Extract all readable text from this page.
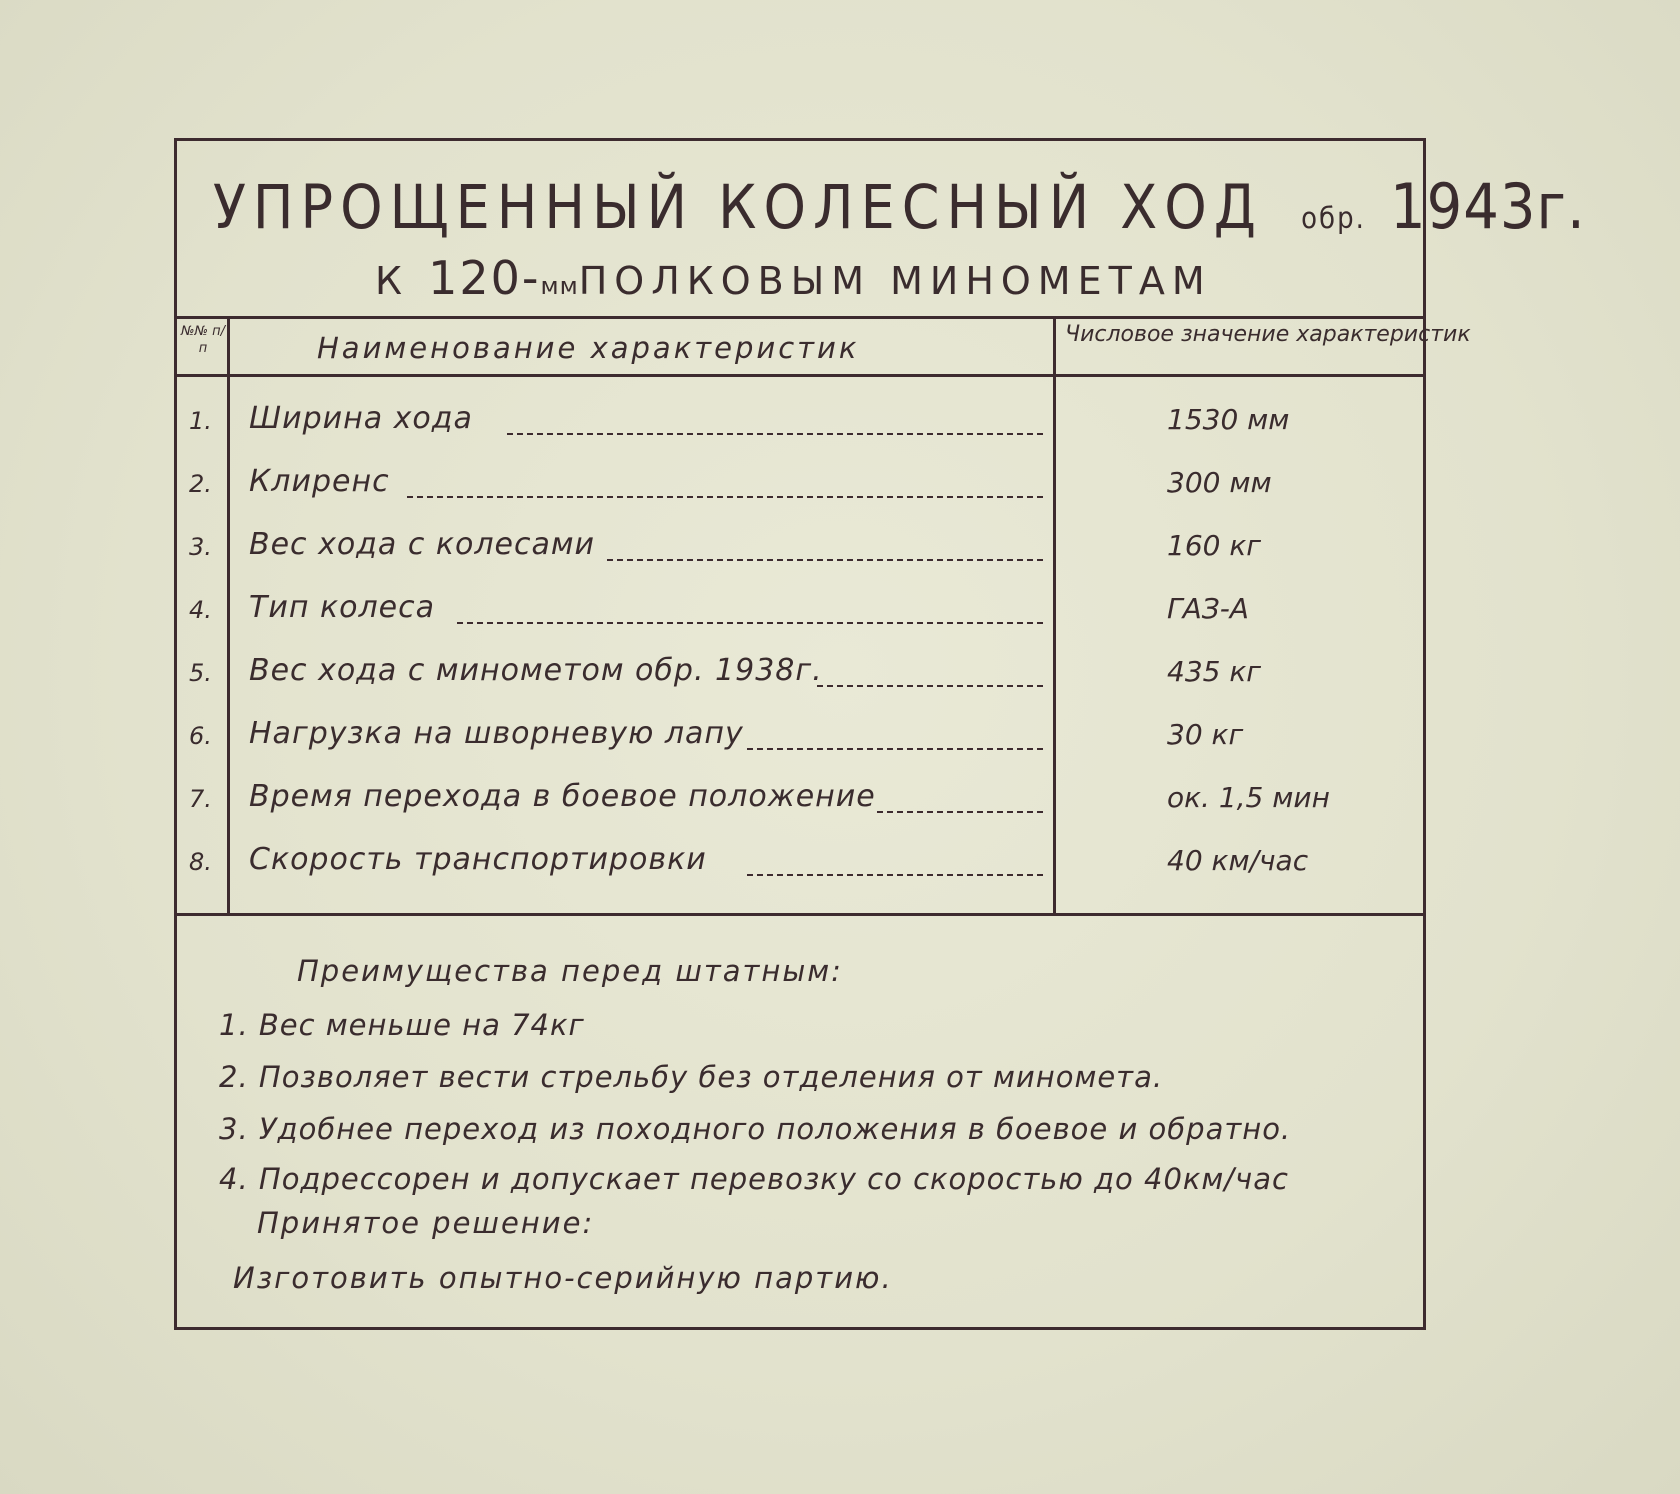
УПРОЩЕННЫЙ КОЛЕСНЫЙ ХОД обр. 1943г.
К 120-ммПОЛКОВЫМ МИНОМЕТАМ
№№ п/п	Наименование характеристик	Числовое значение характеристик
1. Ширина хода	1530 мм
2. Клиренс	300 мм
3. Вес хода с колесами	160 кг
4. Тип колеса	ГАЗ-А
5. Вес хода с минометом обр. 1938г.	435 кг
6. Нагрузка на шворневую лапу	30 кг
7. Время перехода в боевое положение	ок. 1,5 мин
8. Скорость транспортировки	40 км/час
Преимущества перед штатным:
1. Вес меньше на 74кг
2. Позволяет вести стрельбу без отделения от миномета.
3. Удобнее переход из походного положения в боевое и обратно.
4. Подрессорен и допускает перевозку со скоростью до 40км/час
Принятое решение:
Изготовить опытно-серийную партию.
